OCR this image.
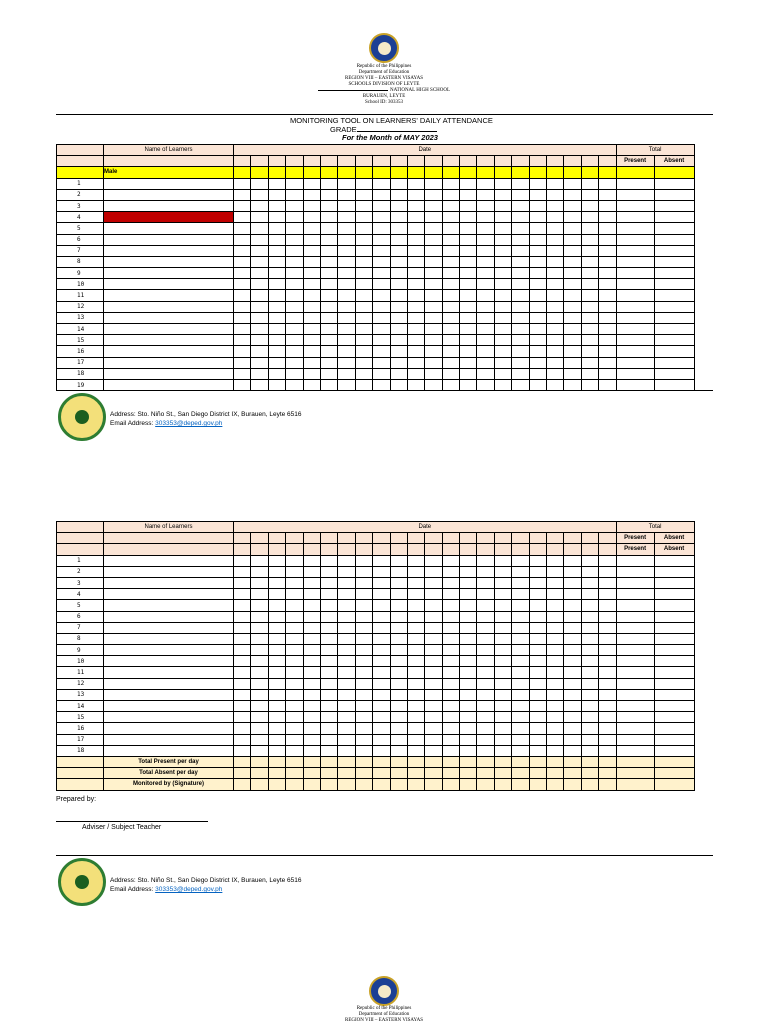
Republic of the Philippines
Department of Education
REGION VIII – EASTERN VISAYAS
SCHOOLS DIVISION OF LEYTE
NATIONAL HIGH SCHOOL
BURAUEN, LEYTE
School ID: 303353
MONITORING TOOL ON LEARNERS' DAILY ATTENDANCE
GRADE
For the Month of MAY 2023
	Name of Learners	Date																						Total	
																								Present	Absent
	Male																								
1																									
2																									
3																									
4																									
5																									
6																									
7																									
8																									
9																									
10																									
11																									
12																									
13																									
14																									
15																									
16																									
17																									
18																									
19																									
Address: Sto. Niño St., San Diego District IX, Burauen, Leyte 6516
Email Address: 303353@deped.gov.ph
	Name of Learners	Date																						Total	
																								Present	Absent
																								Present	Absent
1																									
2																									
3																									
4																									
5																									
6																									
7																									
8																									
9																									
10																									
11																									
12																									
13																									
14																									
15																									
16																									
17																									
18																									
	Total Present per day																								
	Total Absent per day																								
	Monitored by (Signature)																								
Prepared by:
Adviser / Subject Teacher
Address: Sto. Niño St., San Diego District IX, Burauen, Leyte 6516
Email Address: 303353@deped.gov.ph
Republic of the Philippines
Department of Education
REGION VIII – EASTERN VISAYAS
